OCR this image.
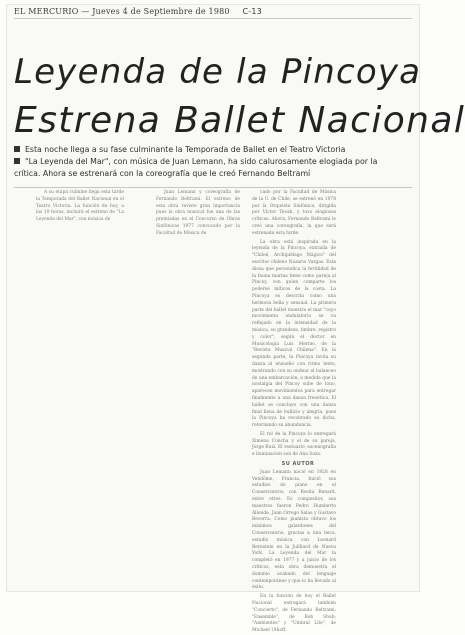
EL MERCURIO — Jueves 4 de Septiembre de 1980 C-13
Leyenda de la Pincoya
Estrena Ballet Nacional
Esta noche llega a su fase culminante la Temporada de Ballet en el Teatro Victoria
"La Leyenda del Mar", con música de Juan Lemann, ha sido calurosamente elogiada por la
crítica. Ahora se estrenará con la coreografía que le creó Fernando Beltramí

A su etapa culmine llega esta tarde la Temporada del Ballet Nacional en el Teatro Victoria. La función de hoy, a las 19 horas, incluirá el estreno de "La Leyenda del Mar", con música de

Juan Lemann y coreografía de Fernando Beltramí. El estreno de esta obra reviste gran importancia pues la obra musical fue una de las premiadas en el Concurso de Obras Sinfónicas 1977 convocado por la Facultad de Música de

cado por la Facultad de Música de la U. de Chile, se estrenó en 1978 por la Orquesta Sinfónica, dirigida por Víctor Tevah, y tuvo elogiosas críticas. Ahora, Fernando Beltramí le creó una coreografía, la que será estrenada esta tarde.

La obra está inspirada en la leyenda de la Pincoya, extraída de "Chiloé, Archipiélago Mágico" del escritor chileno Nazario Vargas. Esta diosa que personifica la fertilidad de la fauna marina tiene como pareja al Pincoy, con quien comparte los poderes míticos de la costa. La Pincoya es descrita como una hermosa bella y sensual. La primera parte del ballet muestra el mar "cuyo movimiento ondulatorio se va reflejado en la intensidad de la música, su grandeza, timbre, registro y color", según el doctor en Musicología Luis Merino, de la "Revista Musical Chilena". En la segunda parte, la Pincoya invita su danza al ensueño con ritmo lento, mostrando con su ondear el balanceo de una embarcación; a medida que la nostalgia del Pincoy sube de tono, aparecen movimientos para entregar finalmente a una danza frenética. El ballet se concluye con una danza final llena de bullicio y alegría, pues la Pincoya ha recobrado su dicha, retornando su abundancia.

El rol de la Pincoya lo entregará Ximena Concha y el de su pareja, Jorge Ruiz. El vestuario, escenografía e iluminación son de Ana Soza.

SU AUTOR

Juan Lemann nació en 1928 en Vendôme, Francia. Inició sus estudios de piano en el Conservatorio, con Rosita Renard, entre otros. Es compositor, sus maestros fueron Pedro Humberto Allende, Juan Orrego Salas y Gustavo Becerra. Como pianista obtuvo los máximos galardones del Conservatorio, gracias a una beca, estudió música con Leonard Bernstein en la Juilliard de Nueva York. La Leyenda del Mar la completó en 1977 y a juicio de los críticos, esta obra demuestra el dominio acabado del lenguaje contemporáneo y que lo ha llevado al éxito.

En la función de hoy el Ballet Nacional entregará también "Concierto", de Fernando Beltramí; "Ensemble", de Bob Shuh; "Ambientes" y "Umbral Life", de Michael Uthoff.
